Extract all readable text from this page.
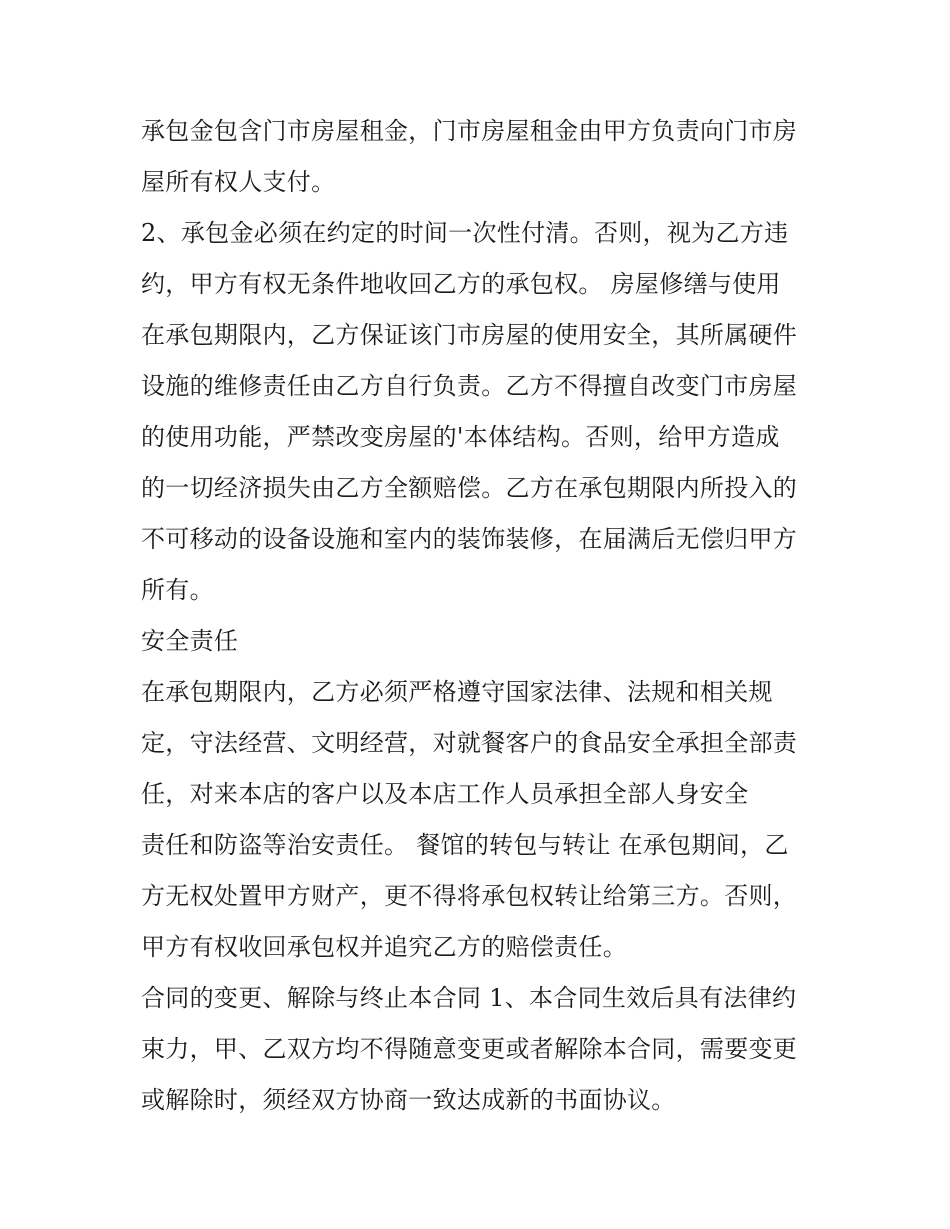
承包金包含门市房屋租金，门市房屋租金由甲方负责向门市房
屋所有权人支付。
2、承包金必须在约定的时间一次性付清。否则，视为乙方违
约，甲方有权无条件地收回乙方的承包权。 房屋修缮与使用
在承包期限内，乙方保证该门市房屋的使用安全，其所属硬件
设施的维修责任由乙方自行负责。乙方不得擅自改变门市房屋
的使用功能，严禁改变房屋的'本体结构。否则，给甲方造成
的一切经济损失由乙方全额赔偿。乙方在承包期限内所投入的
不可移动的设备设施和室内的装饰装修，在届满后无偿归甲方
所有。
安全责任
在承包期限内，乙方必须严格遵守国家法律、法规和相关规
定，守法经营、文明经营，对就餐客户的食品安全承担全部责
任，对来本店的客户以及本店工作人员承担全部人身安全
责任和防盗等治安责任。 餐馆的转包与转让 在承包期间，乙
方无权处置甲方财产，更不得将承包权转让给第三方。否则，
甲方有权收回承包权并追究乙方的赔偿责任。
合同的变更、解除与终止本合同 1、本合同生效后具有法律约
束力，甲、乙双方均不得随意变更或者解除本合同，需要变更
或解除时，须经双方协商一致达成新的书面协议。
